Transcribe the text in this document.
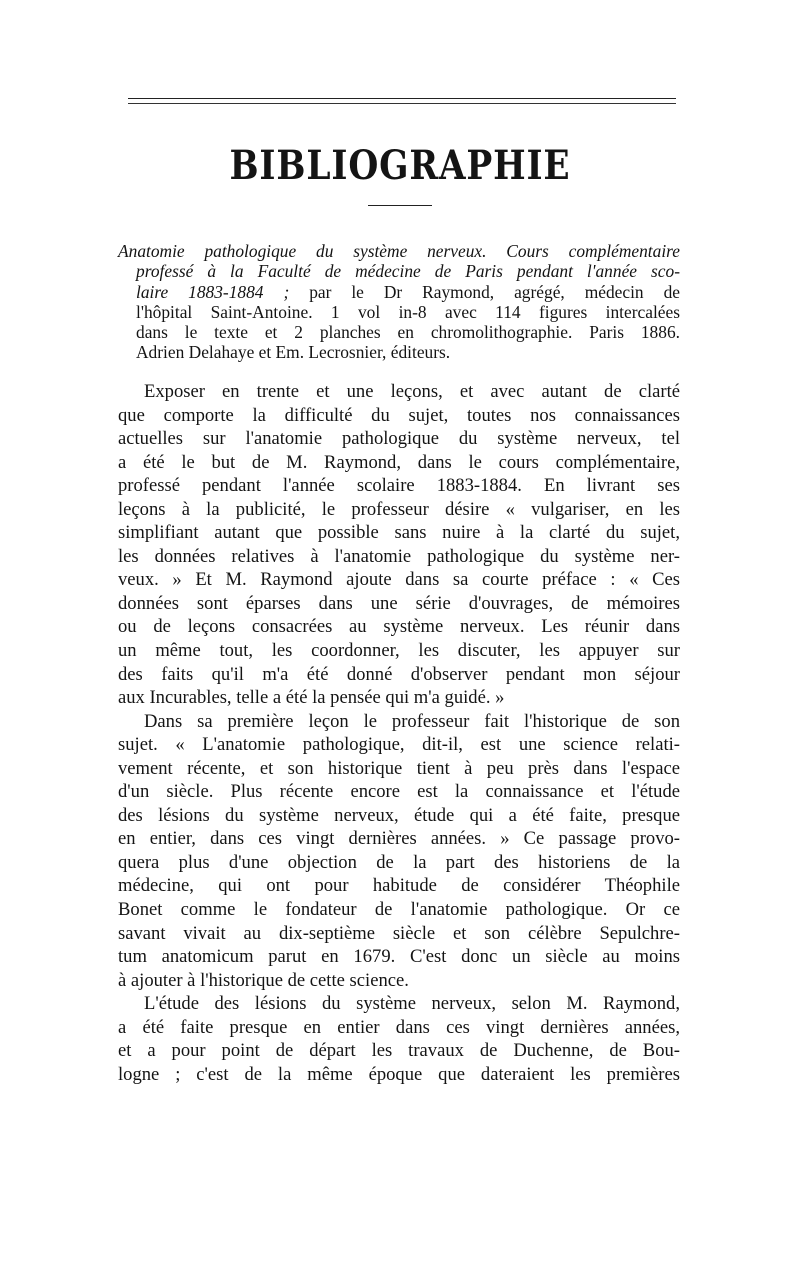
BIBLIOGRAPHIE
Anatomie pathologique du système nerveux. Cours complémentaire
professé à la Faculté de médecine de Paris pendant l'année sco-
laire 1883-1884 ; par le Dr Raymond, agrégé, médecin de
l'hôpital Saint-Antoine. 1 vol in-8 avec 114 figures intercalées
dans le texte et 2 planches en chromolithographie. Paris 1886.
Adrien Delahaye et Em. Lecrosnier, éditeurs.
Exposer en trente et une leçons, et avec autant de clarté
que comporte la difficulté du sujet, toutes nos connaissances
actuelles sur l'anatomie pathologique du système nerveux, tel
a été le but de M. Raymond, dans le cours complémentaire,
professé pendant l'année scolaire 1883-1884. En livrant ses
leçons à la publicité, le professeur désire « vulgariser, en les
simplifiant autant que possible sans nuire à la clarté du sujet,
les données relatives à l'anatomie pathologique du système ner-
veux. » Et M. Raymond ajoute dans sa courte préface : « Ces
données sont éparses dans une série d'ouvrages, de mémoires
ou de leçons consacrées au système nerveux. Les réunir dans
un même tout, les coordonner, les discuter, les appuyer sur
des faits qu'il m'a été donné d'observer pendant mon séjour
aux Incurables, telle a été la pensée qui m'a guidé. »
Dans sa première leçon le professeur fait l'historique de son
sujet. « L'anatomie pathologique, dit-il, est une science relati-
vement récente, et son historique tient à peu près dans l'espace
d'un siècle. Plus récente encore est la connaissance et l'étude
des lésions du système nerveux, étude qui a été faite, presque
en entier, dans ces vingt dernières années. » Ce passage provo-
quera plus d'une objection de la part des historiens de la
médecine, qui ont pour habitude de considérer Théophile
Bonet comme le fondateur de l'anatomie pathologique. Or ce
savant vivait au dix-septième siècle et son célèbre Sepulchre-
tum anatomicum parut en 1679. C'est donc un siècle au moins
à ajouter à l'historique de cette science.
L'étude des lésions du système nerveux, selon M. Raymond,
a été faite presque en entier dans ces vingt dernières années,
et a pour point de départ les travaux de Duchenne, de Bou-
logne ; c'est de la même époque que dateraient les premières
